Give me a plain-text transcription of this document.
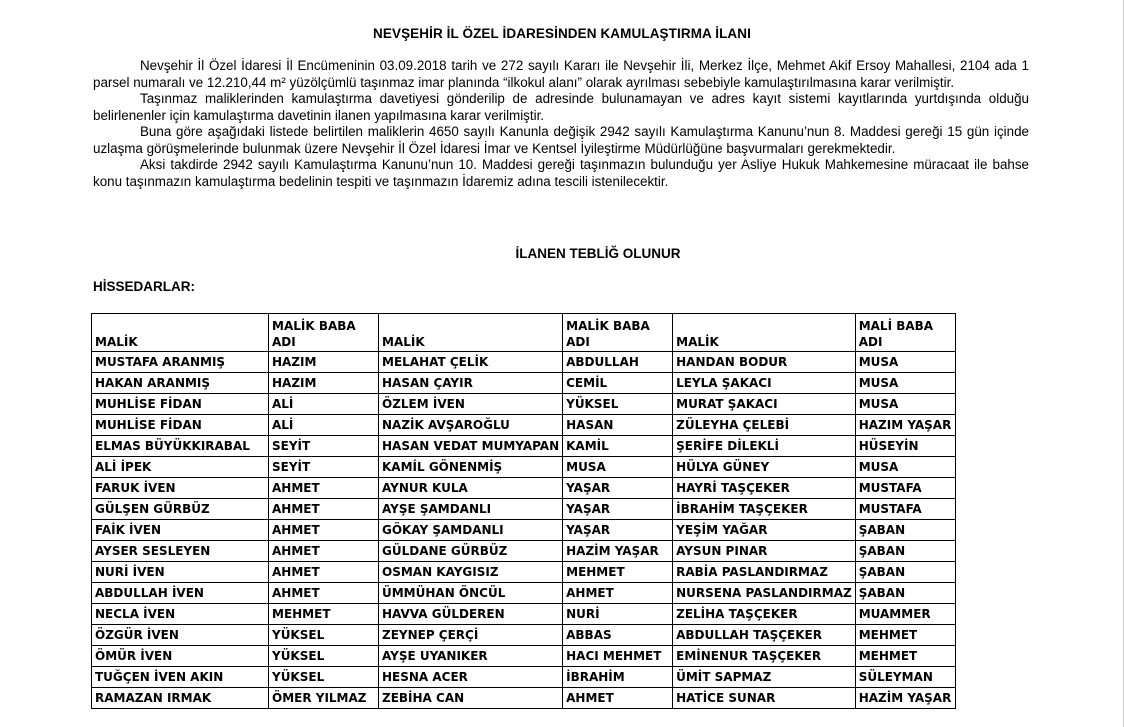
NEVŞEHİR İL ÖZEL İDARESİNDEN KAMULAŞTIRMA İLANI

Nevşehir İl Özel İdaresi İl Encümeninin 03.09.2018 tarih ve 272 sayılı Kararı ile Nevşehir İli, Merkez İlçe, Mehmet Akif Ersoy Mahallesi, 2104 ada 1 parsel numaralı ve 12.210,44 m² yüzölçümlü taşınmaz imar planında “ilkokul alanı” olarak ayrılması sebebiyle kamulaştırılmasına karar verilmiştir.

Taşınmaz maliklerinden kamulaştırma davetiyesi gönderilip de adresinde bulunamayan ve adres kayıt sistemi kayıtlarında yurtdışında olduğu belirlenenler için kamulaştırma davetinin ilanen yapılmasına karar verilmiştir.

Buna göre aşağıdaki listede belirtilen maliklerin 4650 sayılı Kanunla değişik 2942 sayılı Kamulaştırma Kanunu’nun 8. Maddesi gereği 15 gün içinde uzlaşma görüşmelerinde bulunmak üzere Nevşehir İl Özel İdaresi İmar ve Kentsel İyileştirme Müdürlüğüne başvurmaları gerekmektedir.

Aksi takdirde 2942 sayılı Kamulaştırma Kanunu’nun 10. Maddesi gereği taşınmazın bulunduğu yer Asliye Hukuk Mahkemesine müracaat ile bahse konu taşınmazın kamulaştırma bedelinin tespiti ve taşınmazın İdaremiz adına tescili istenilecektir.

İLANEN TEBLİĞ OLUNUR
HİSSEDARLAR:
MALİK	MALİK BABA ADI	MALİK	MALİK BABA ADI	MALİK	MALİ BABA ADI
MUSTAFA ARANMIŞ	HAZIM	MELAHAT ÇELİK	ABDULLAH	HANDAN BODUR	MUSA
HAKAN ARANMIŞ	HAZIM	HASAN ÇAYIR	CEMİL	LEYLA ŞAKACI	MUSA
MUHLİSE FİDAN	ALİ	ÖZLEM İVEN	YÜKSEL	MURAT ŞAKACI	MUSA
MUHLİSE FİDAN	ALİ	NAZİK AVŞAROĞLU	HASAN	ZÜLEYHA ÇELEBİ	HAZIM YAŞAR
ELMAS BÜYÜKKIRABAL	SEYİT	HASAN VEDAT MUMYAPAN	KAMİL	ŞERİFE DİLEKLİ	HÜSEYİN
ALİ İPEK	SEYİT	KAMİL GÖNENMİŞ	MUSA	HÜLYA GÜNEY	MUSA
FARUK İVEN	AHMET	AYNUR KULA	YAŞAR	HAYRİ TAŞÇEKER	MUSTAFA
GÜLŞEN GÜRBÜZ	AHMET	AYŞE ŞAMDANLI	YAŞAR	İBRAHİM TAŞÇEKER	MUSTAFA
FAİK İVEN	AHMET	GÖKAY ŞAMDANLI	YAŞAR	YEŞİM YAĞAR	ŞABAN
AYSER SESLEYEN	AHMET	GÜLDANE GÜRBÜZ	HAZİM YAŞAR	AYSUN PINAR	ŞABAN
NURİ İVEN	AHMET	OSMAN KAYGISIZ	MEHMET	RABİA PASLANDIRMAZ	ŞABAN
ABDULLAH İVEN	AHMET	ÜMMÜHAN ÖNCÜL	AHMET	NURSENA PASLANDIRMAZ	ŞABAN
NECLA İVEN	MEHMET	HAVVA GÜLDEREN	NURİ	ZELİHA TAŞÇEKER	MUAMMER
ÖZGÜR İVEN	YÜKSEL	ZEYNEP ÇERÇİ	ABBAS	ABDULLAH TAŞÇEKER	MEHMET
ÖMÜR İVEN	YÜKSEL	AYŞE UYANIKER	HACI MEHMET	EMİNENUR TAŞÇEKER	MEHMET
TUĞÇEN İVEN AKIN	YÜKSEL	HESNA ACER	İBRAHİM	ÜMİT SAPMAZ	SÜLEYMAN
RAMAZAN IRMAK	ÖMER YILMAZ	ZEBİHA CAN	AHMET	HATİCE SUNAR	HAZİM YAŞAR
